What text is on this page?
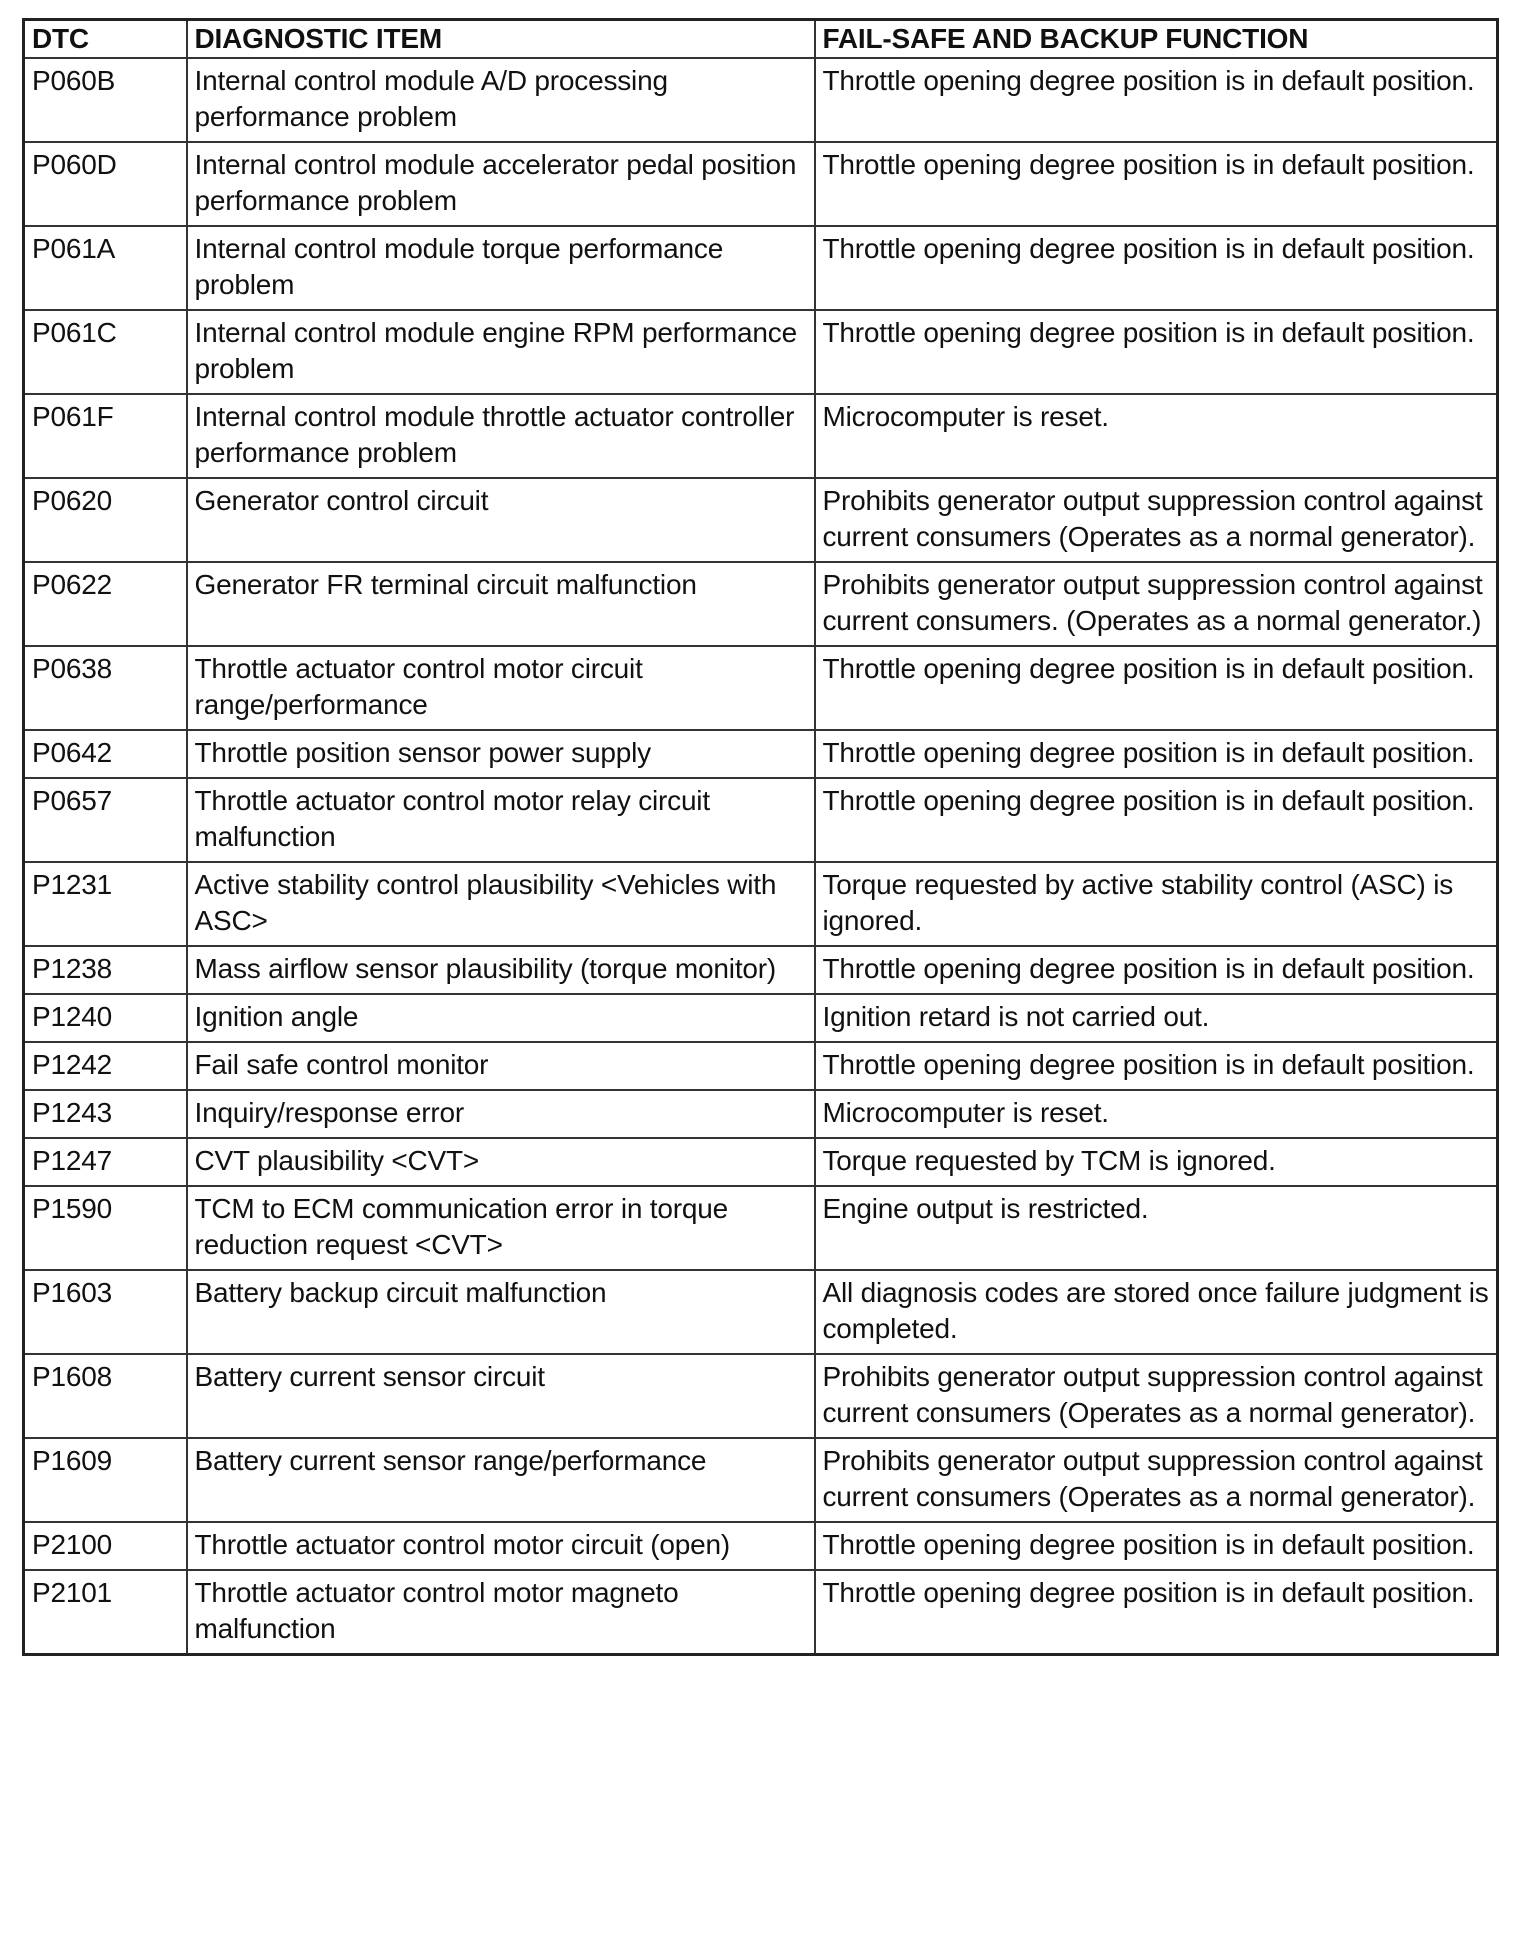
DTC	DIAGNOSTIC ITEM	FAIL-SAFE AND BACKUP FUNCTION
P060B	Internal control module A/D processing performance problem	Throttle opening degree position is in default position.
P060D	Internal control module accelerator pedal position performance problem	Throttle opening degree position is in default position.
P061A	Internal control module torque performance problem	Throttle opening degree position is in default position.
P061C	Internal control module engine RPM performance problem	Throttle opening degree position is in default position.
P061F	Internal control module throttle actuator controller performance problem	Microcomputer is reset.
P0620	Generator control circuit	Prohibits generator output suppression control against current consumers (Operates as a normal generator).
P0622	Generator FR terminal circuit malfunction	Prohibits generator output suppression control against current consumers. (Operates as a normal generator.)
P0638	Throttle actuator control motor circuit range/performance	Throttle opening degree position is in default position.
P0642	Throttle position sensor power supply	Throttle opening degree position is in default position.
P0657	Throttle actuator control motor relay circuit malfunction	Throttle opening degree position is in default position.
P1231	Active stability control plausibility <Vehicles with ASC>	Torque requested by active stability control (ASC) is ignored.
P1238	Mass airflow sensor plausibility (torque monitor)	Throttle opening degree position is in default position.
P1240	Ignition angle	Ignition retard is not carried out.
P1242	Fail safe control monitor	Throttle opening degree position is in default position.
P1243	Inquiry/response error	Microcomputer is reset.
P1247	CVT plausibility <CVT>	Torque requested by TCM is ignored.
P1590	TCM to ECM communication error in torque reduction request <CVT>	Engine output is restricted.
P1603	Battery backup circuit malfunction	All diagnosis codes are stored once failure judgment is completed.
P1608	Battery current sensor circuit	Prohibits generator output suppression control against current consumers (Operates as a normal generator).
P1609	Battery current sensor range/performance	Prohibits generator output suppression control against current consumers (Operates as a normal generator).
P2100	Throttle actuator control motor circuit (open)	Throttle opening degree position is in default position.
P2101	Throttle actuator control motor magneto malfunction	Throttle opening degree position is in default position.
